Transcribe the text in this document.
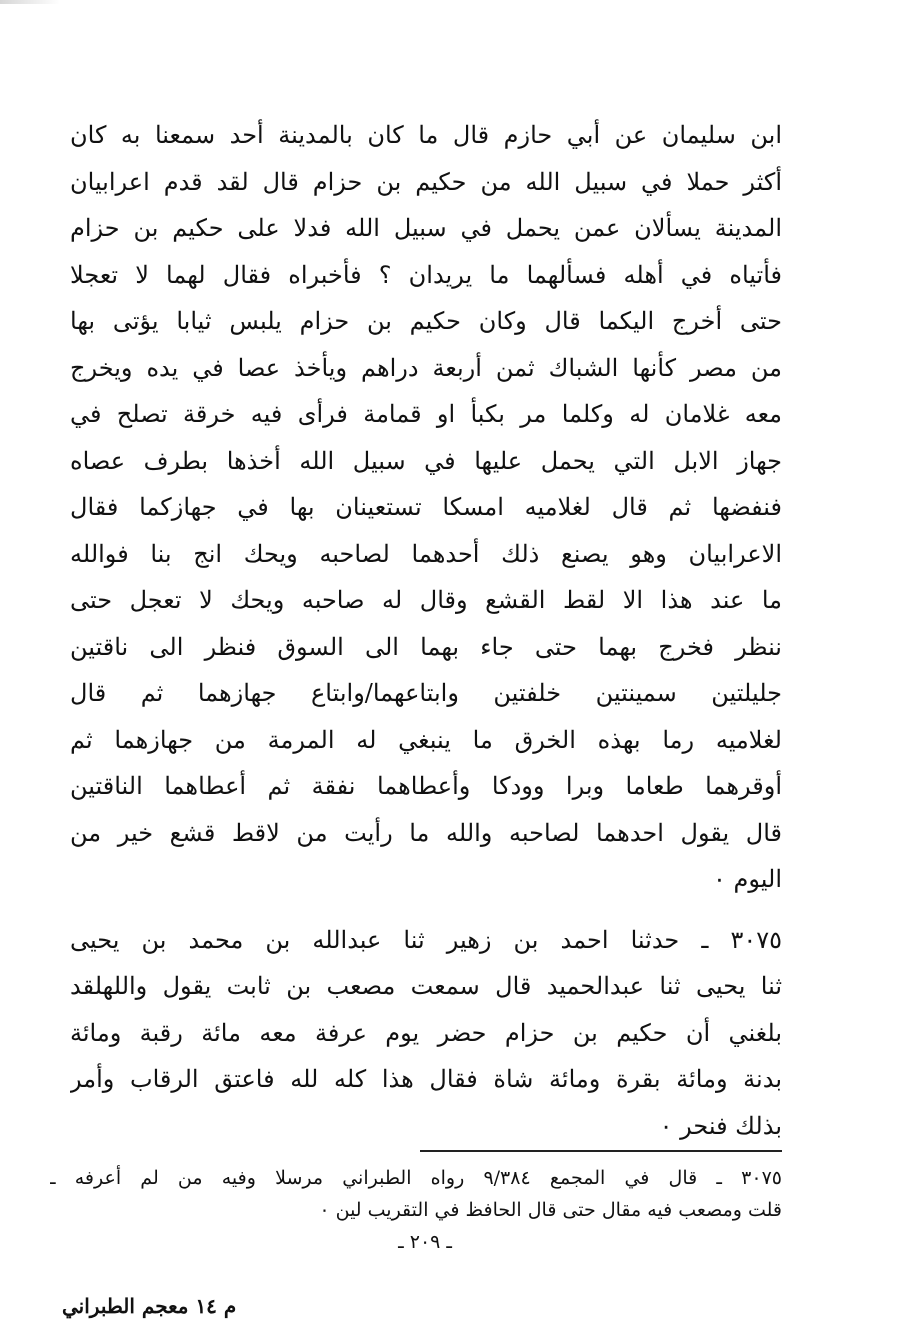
ابن سليمان عن أبي حازم قال ما كان بالمدينة أحد سمعنا به كان
أكثر حملا في سبيل الله من حكيم بن حزام قال لقد قدم اعرابيان
المدينة يسألان عمن يحمل في سبيل الله فدلا على حكيم بن حزام
فأتياه في أهله فسألهما ما يريدان ؟ فأخبراه فقال لهما لا تعجلا
حتى أخرج اليكما قال وكان حكيم بن حزام يلبس ثيابا يؤتى بها
من مصر كأنها الشباك ثمن أربعة دراهم ويأخذ عصا في يده ويخرج
معه غلامان له وكلما مر بكبأ او قمامة فرأى فيه خرقة تصلح في
جهاز الابل التي يحمل عليها في سبيل الله أخذها بطرف عصاه
فنفضها ثم قال لغلاميه امسكا تستعينان بها في جهازكما فقال
الاعرابيان وهو يصنع ذلك أحدهما لصاحبه ويحك انج بنا فوالله
ما عند هذا الا لقط القشع وقال له صاحبه ويحك لا تعجل حتى
ننظر فخرج بهما حتى جاء بهما الى السوق فنظر الى ناقتين
جليلتين سمينتين خلفتين وابتاعهما/وابتاع جهازهما ثم قال
لغلاميه رما بهذه الخرق ما ينبغي له المرمة من جهازهما ثم
أوقرهما طعاما وبرا وودكا وأعطاهما نفقة ثم أعطاهما الناقتين
قال يقول احدهما لصاحبه والله ما رأيت من لاقط قشع خير من
اليوم ٠
٣٠٧٥ ـ حدثنا احمد بن زهير ثنا عبدالله بن محمد بن يحيى
ثنا يحيى ثنا عبدالحميد قال سمعت مصعب بن ثابت يقول واللهلقد
بلغني أن حكيم بن حزام حضر يوم عرفة معه مائة رقبة ومائة
بدنة ومائة بقرة ومائة شاة فقال هذا كله لله فاعتق الرقاب وأمر
بذلك فنحر ٠
٣٠٧٥ ـ قال في المجمع ٩/٣٨٤ رواه الطبراني مرسلا وفيه من لم أعرفه ـ
قلت ومصعب فيه مقال حتى قال الحافظ في التقريب لين ٠
ـ ٢٠٩ ـ
م ١٤ معجم الطبراني
